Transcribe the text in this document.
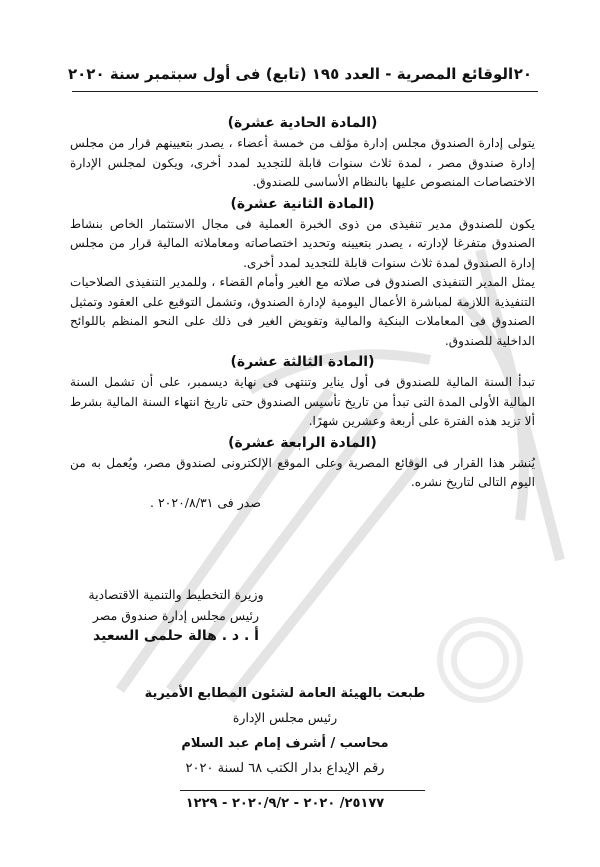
٢٠
الوقائع المصرية - العدد ١٩٥ (تابع) فى أول سبتمبر سنة ٢٠٢٠
(المادة الحادية عشرة)

يتولى إدارة الصندوق مجلس إدارة مؤلف من خمسة أعضاء ، يصدر بتعيينهم قرار من مجلس إدارة صندوق مصر ، لمدة ثلاث سنوات قابلة للتجديد لمدد أخرى، ويكون لمجلس الإدارة الاختصاصات المنصوص عليها بالنظام الأساسى للصندوق.

(المادة الثانية عشرة)

يكون للصندوق مدير تنفيذى من ذوى الخبرة العملية فى مجال الاستثمار الخاص بنشاط الصندوق متفرغا لإدارته ، يصدر بتعيينه وتحديد اختصاصاته ومعاملاته المالية قرار من مجلس إدارة الصندوق لمدة ثلاث سنوات قابلة للتجديد لمدد أخرى.

يمثل المدير التنفيذى الصندوق فى صلاته مع الغير وأمام القضاء ، وللمدير التنفيذى الصلاحيات التنفيذية اللازمة لمباشرة الأعمال اليومية لإدارة الصندوق، وتشمل التوقيع على العقود وتمثيل الصندوق فى المعاملات البنكية والمالية وتفويض الغير فى ذلك على النحو المنظم باللوائح الداخلية للصندوق.

(المادة الثالثة عشرة)

تبدأ السنة المالية للصندوق فى أول يناير وتنتهى فى نهاية ديسمبر، على أن تشمل السنة المالية الأولى المدة التى تبدأ من تاريخ تأسيس الصندوق حتى تاريخ انتهاء السنة المالية بشرط ألا تزيد هذه الفترة على أربعة وعشرين شهرًا.

(المادة الرابعة عشرة)

يُنشر هذا القرار فى الوقائع المصرية وعلى الموقع الإلكترونى لصندوق مصر، ويُعمل به من اليوم التالى لتاريخ نشره.

صدر فى ٢٠٢٠/٨/٣١ .
وزيرة التخطيط والتنمية الاقتصادية
رئيس مجلس إدارة صندوق مصر
أ . د . هالة حلمى السعيد
طبعت بالهيئة العامة لشئون المطابع الأميرية
رئيس مجلس الإدارة
محاسب / أشرف إمام عبد السلام
رقم الإيداع بدار الكتب ٦٨ لسنة ٢٠٢٠
٢٥١٧٧/ ٢٠٢٠ - ٢٠٢٠/٩/٢ - ١٢٢٩
